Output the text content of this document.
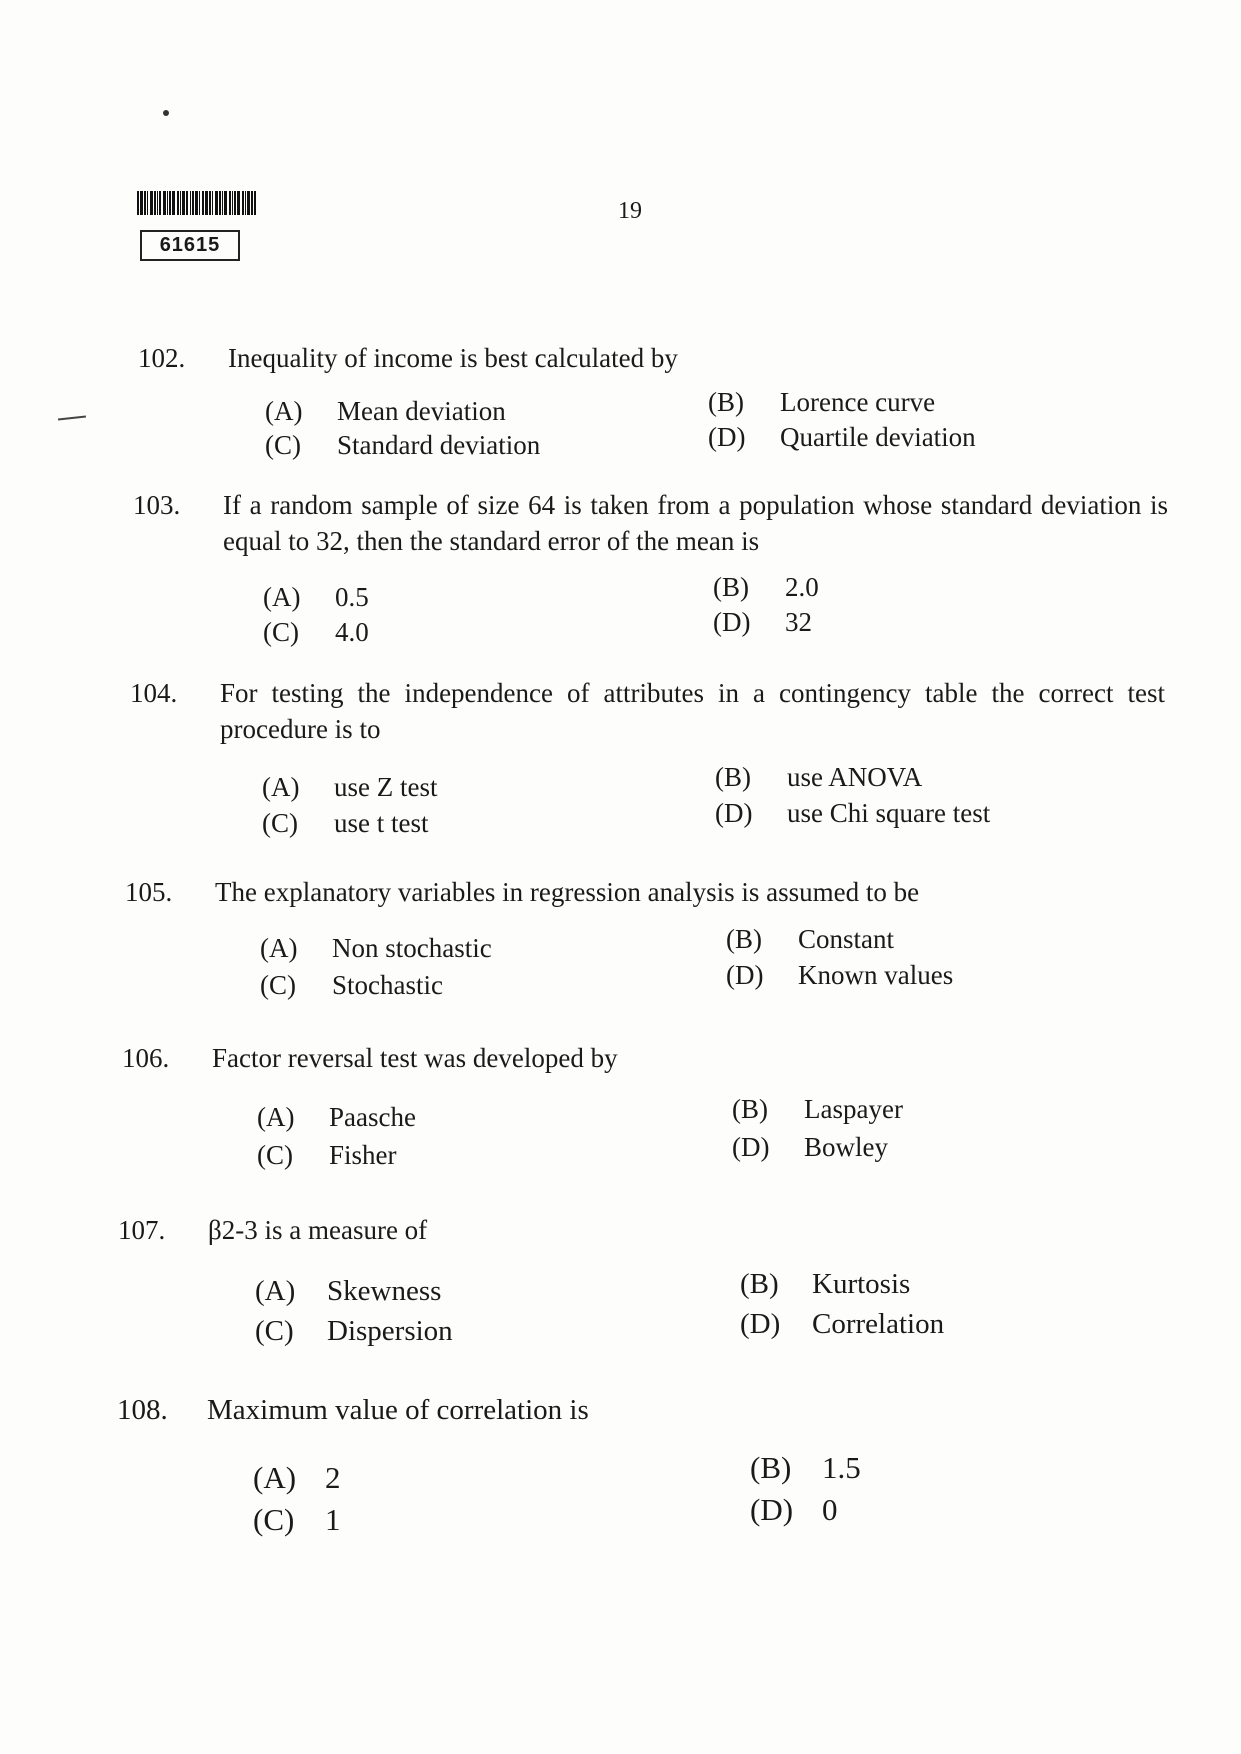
61615
19
102.	Inequality of income is best calculated by
(A) Mean deviation	(B) Lorence curve
(C) Standard deviation	(D) Quartile deviation
103.	If a random sample of size 64 is taken from a population whose standard deviation is equal to 32, then the standard error of the mean is
(A) 0.5	(B) 2.0
(C) 4.0	(D) 32
104.	For testing the independence of attributes in a contingency table the correct test procedure is to
(A) use Z test	(B) use ANOVA
(C) use t test	(D) use Chi square test
105.	The explanatory variables in regression analysis is assumed to be
(A) Non stochastic	(B) Constant
(C) Stochastic	(D) Known values
106.	Factor reversal test was developed by
(A) Paasche	(B) Laspayer
(C) Fisher	(D) Bowley
107.	β2-3 is a measure of
(A) Skewness	(B) Kurtosis
(C) Dispersion	(D) Correlation
108.	Maximum value of correlation is
(A) 2	(B) 1.5
(C) 1	(D) 0
